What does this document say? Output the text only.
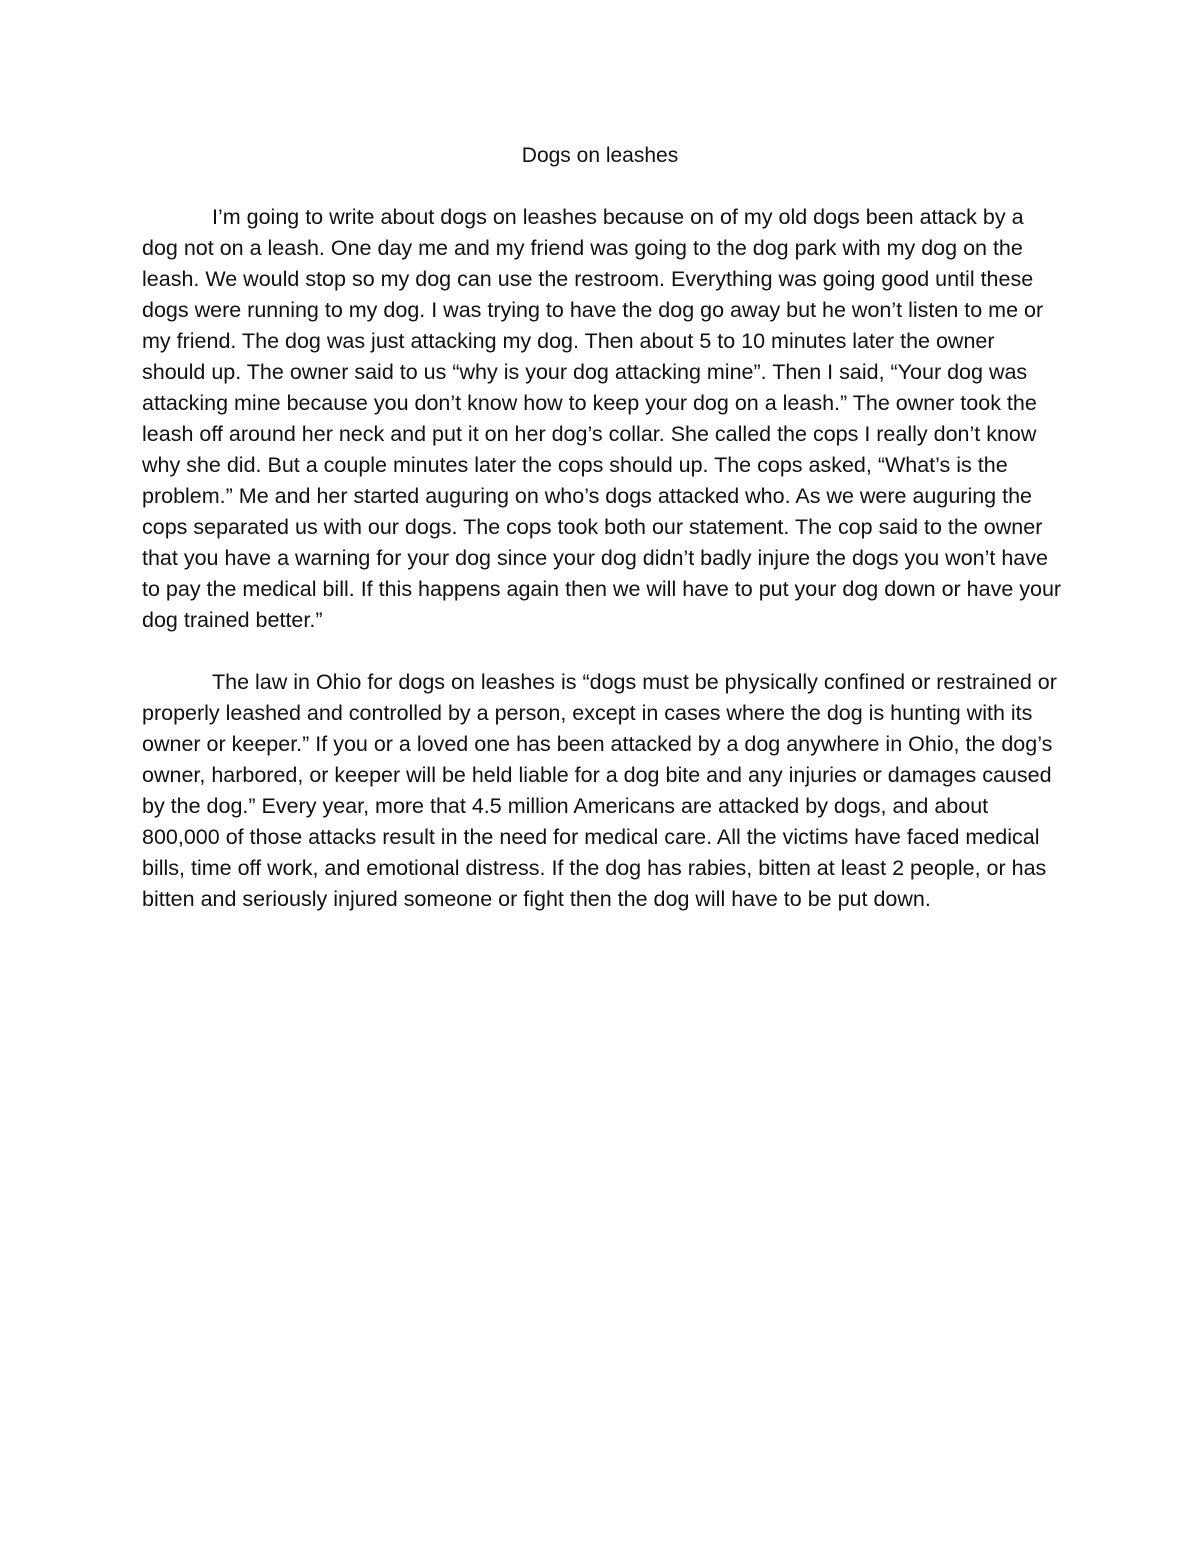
Dogs on leashes

I’m going to write about dogs on leashes because on of my old dogs been attack by a dog not on a leash. One day me and my friend was going to the dog park with my dog on the leash. We would stop so my dog can use the restroom. Everything was going good until these dogs were running to my dog. I was trying to have the dog go away but he won’t listen to me or my friend. The dog was just attacking my dog. Then about 5 to 10 minutes later the owner should up. The owner said to us “why is your dog attacking mine”. Then I said, “Your dog was attacking mine because you don’t know how to keep your dog on a leash.” The owner took the leash off around her neck and put it on her dog’s collar. She called the cops I really don’t know why she did. But a couple minutes later the cops should up. The cops asked, “What’s is the problem.” Me and her started auguring on who’s dogs attacked who. As we were auguring the cops separated us with our dogs. The cops took both our statement. The cop said to the owner that you have a warning for your dog since your dog didn’t badly injure the dogs you won’t have to pay the medical bill. If this happens again then we will have to put your dog down or have your dog trained better.”

The law in Ohio for dogs on leashes is “dogs must be physically confined or restrained or properly leashed and controlled by a person, except in cases where the dog is hunting with its owner or keeper.” If you or a loved one has been attacked by a dog anywhere in Ohio, the dog’s owner, harbored, or keeper will be held liable for a dog bite and any injuries or damages caused by the dog.” Every year, more that 4.5 million Americans are attacked by dogs, and about 800,000 of those attacks result in the need for medical care. All the victims have faced medical bills, time off work, and emotional distress. If the dog has rabies, bitten at least 2 people, or has bitten and seriously injured someone or fight then the dog will have to be put down.
